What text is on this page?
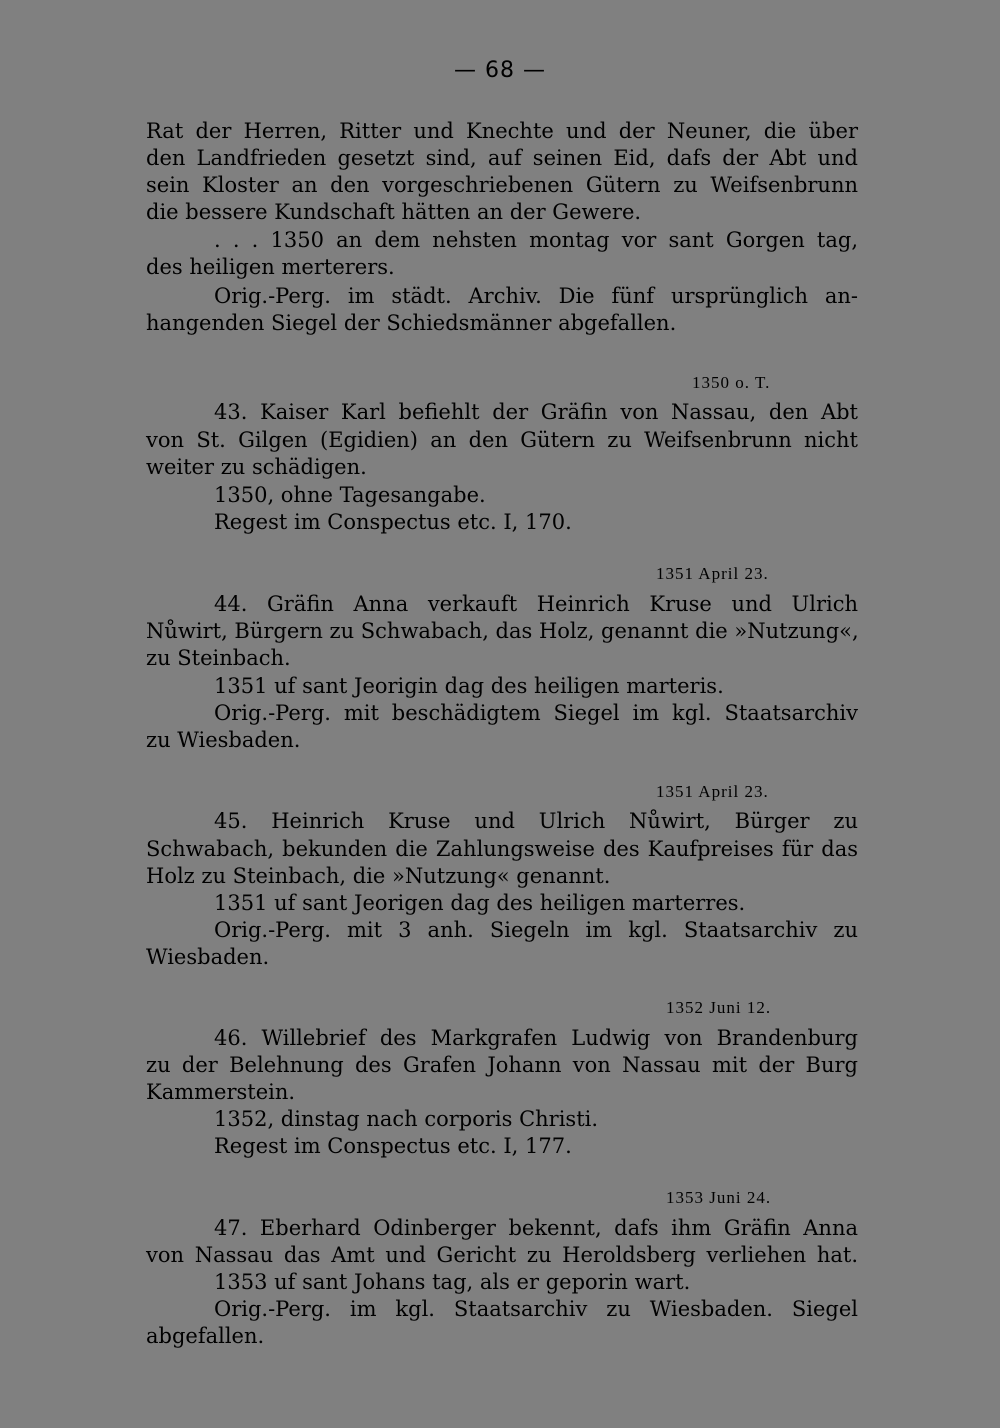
— 68 —
Rat der Herren, Ritter und Knechte und der Neuner, die über
den Landfrieden gesetzt sind, auf seinen Eid, dafs der Abt und
sein Kloster an den vorgeschriebenen Gütern zu Weifsenbrunn
die bessere Kundschaft hätten an der Gewere.
. . . 1350 an dem nehsten montag vor sant Gorgen tag,
des heiligen merterers.
Orig.-Perg. im städt. Archiv. Die fünf ursprünglich an-
hangenden Siegel der Schiedsmänner abgefallen.
1350 o. T.
43. Kaiser Karl befiehlt der Gräfin von Nassau, den Abt
von St. Gilgen (Egidien) an den Gütern zu Weifsenbrunn nicht
weiter zu schädigen.
1350, ohne Tagesangabe.
Regest im Conspectus etc. I, 170.
1351 April 23.
44. Gräfin Anna verkauft Heinrich Kruse und Ulrich
Nůwirt, Bürgern zu Schwabach, das Holz, genannt die »Nutzung«,
zu Steinbach.
1351 uf sant Jeorigin dag des heiligen marteris.
Orig.-Perg. mit beschädigtem Siegel im kgl. Staatsarchiv
zu Wiesbaden.
1351 April 23.
45. Heinrich Kruse und Ulrich Nůwirt, Bürger zu
Schwabach, bekunden die Zahlungsweise des Kaufpreises für das
Holz zu Steinbach, die »Nutzung« genannt.
1351 uf sant Jeorigen dag des heiligen marterres.
Orig.-Perg. mit 3 anh. Siegeln im kgl. Staatsarchiv zu
Wiesbaden.
1352 Juni 12.
46. Willebrief des Markgrafen Ludwig von Brandenburg
zu der Belehnung des Grafen Johann von Nassau mit der Burg
Kammerstein.
1352, dinstag nach corporis Christi.
Regest im Conspectus etc. I, 177.
1353 Juni 24.
47. Eberhard Odinberger bekennt, dafs ihm Gräfin Anna
von Nassau das Amt und Gericht zu Heroldsberg verliehen hat.
1353 uf sant Johans tag, als er geporin wart.
Orig.-Perg. im kgl. Staatsarchiv zu Wiesbaden. Siegel
abgefallen.
